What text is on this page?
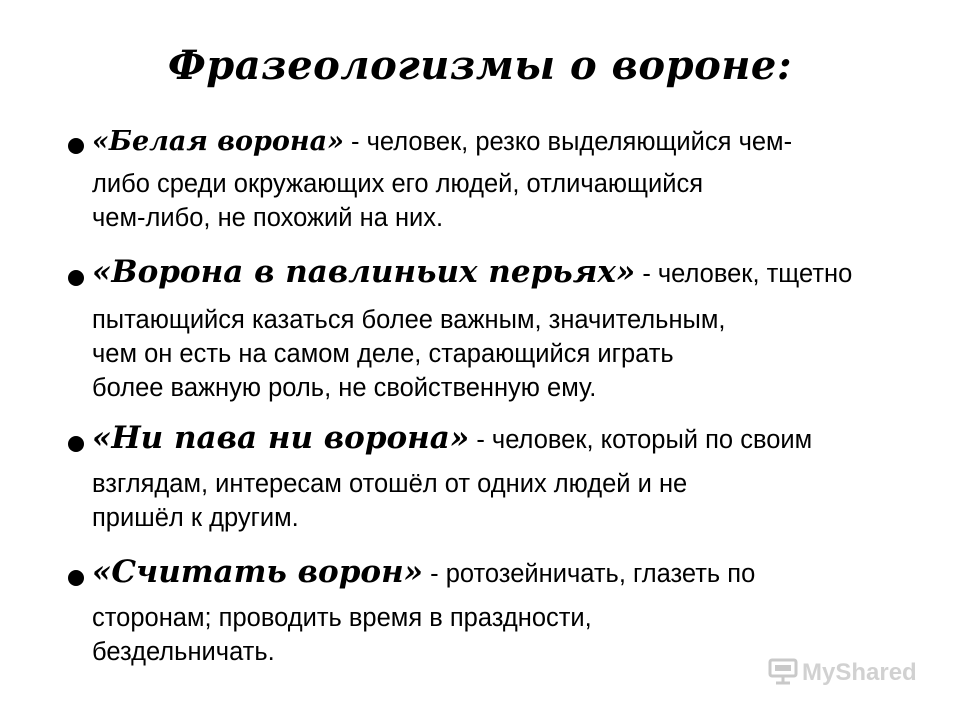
Фразеологизмы о вороне:
«Белая ворона» - человек, резко выделяющийся чем-
либо среди окружающих его людей, отличающийся
чем-либо, не похожий на них.
«Ворона в павлиньих перьях» - человек, тщетно
пытающийся казаться более важным, значительным,
чем он есть на самом деле, старающийся играть
более важную роль, не свойственную ему.
«Ни пава ни ворона» - человек, который по своим
взглядам, интересам отошёл от одних людей и не
пришёл к другим.
«Считать ворон» - ротозейничать, глазеть по
сторонам; проводить время в праздности,
бездельничать.
MyShared
